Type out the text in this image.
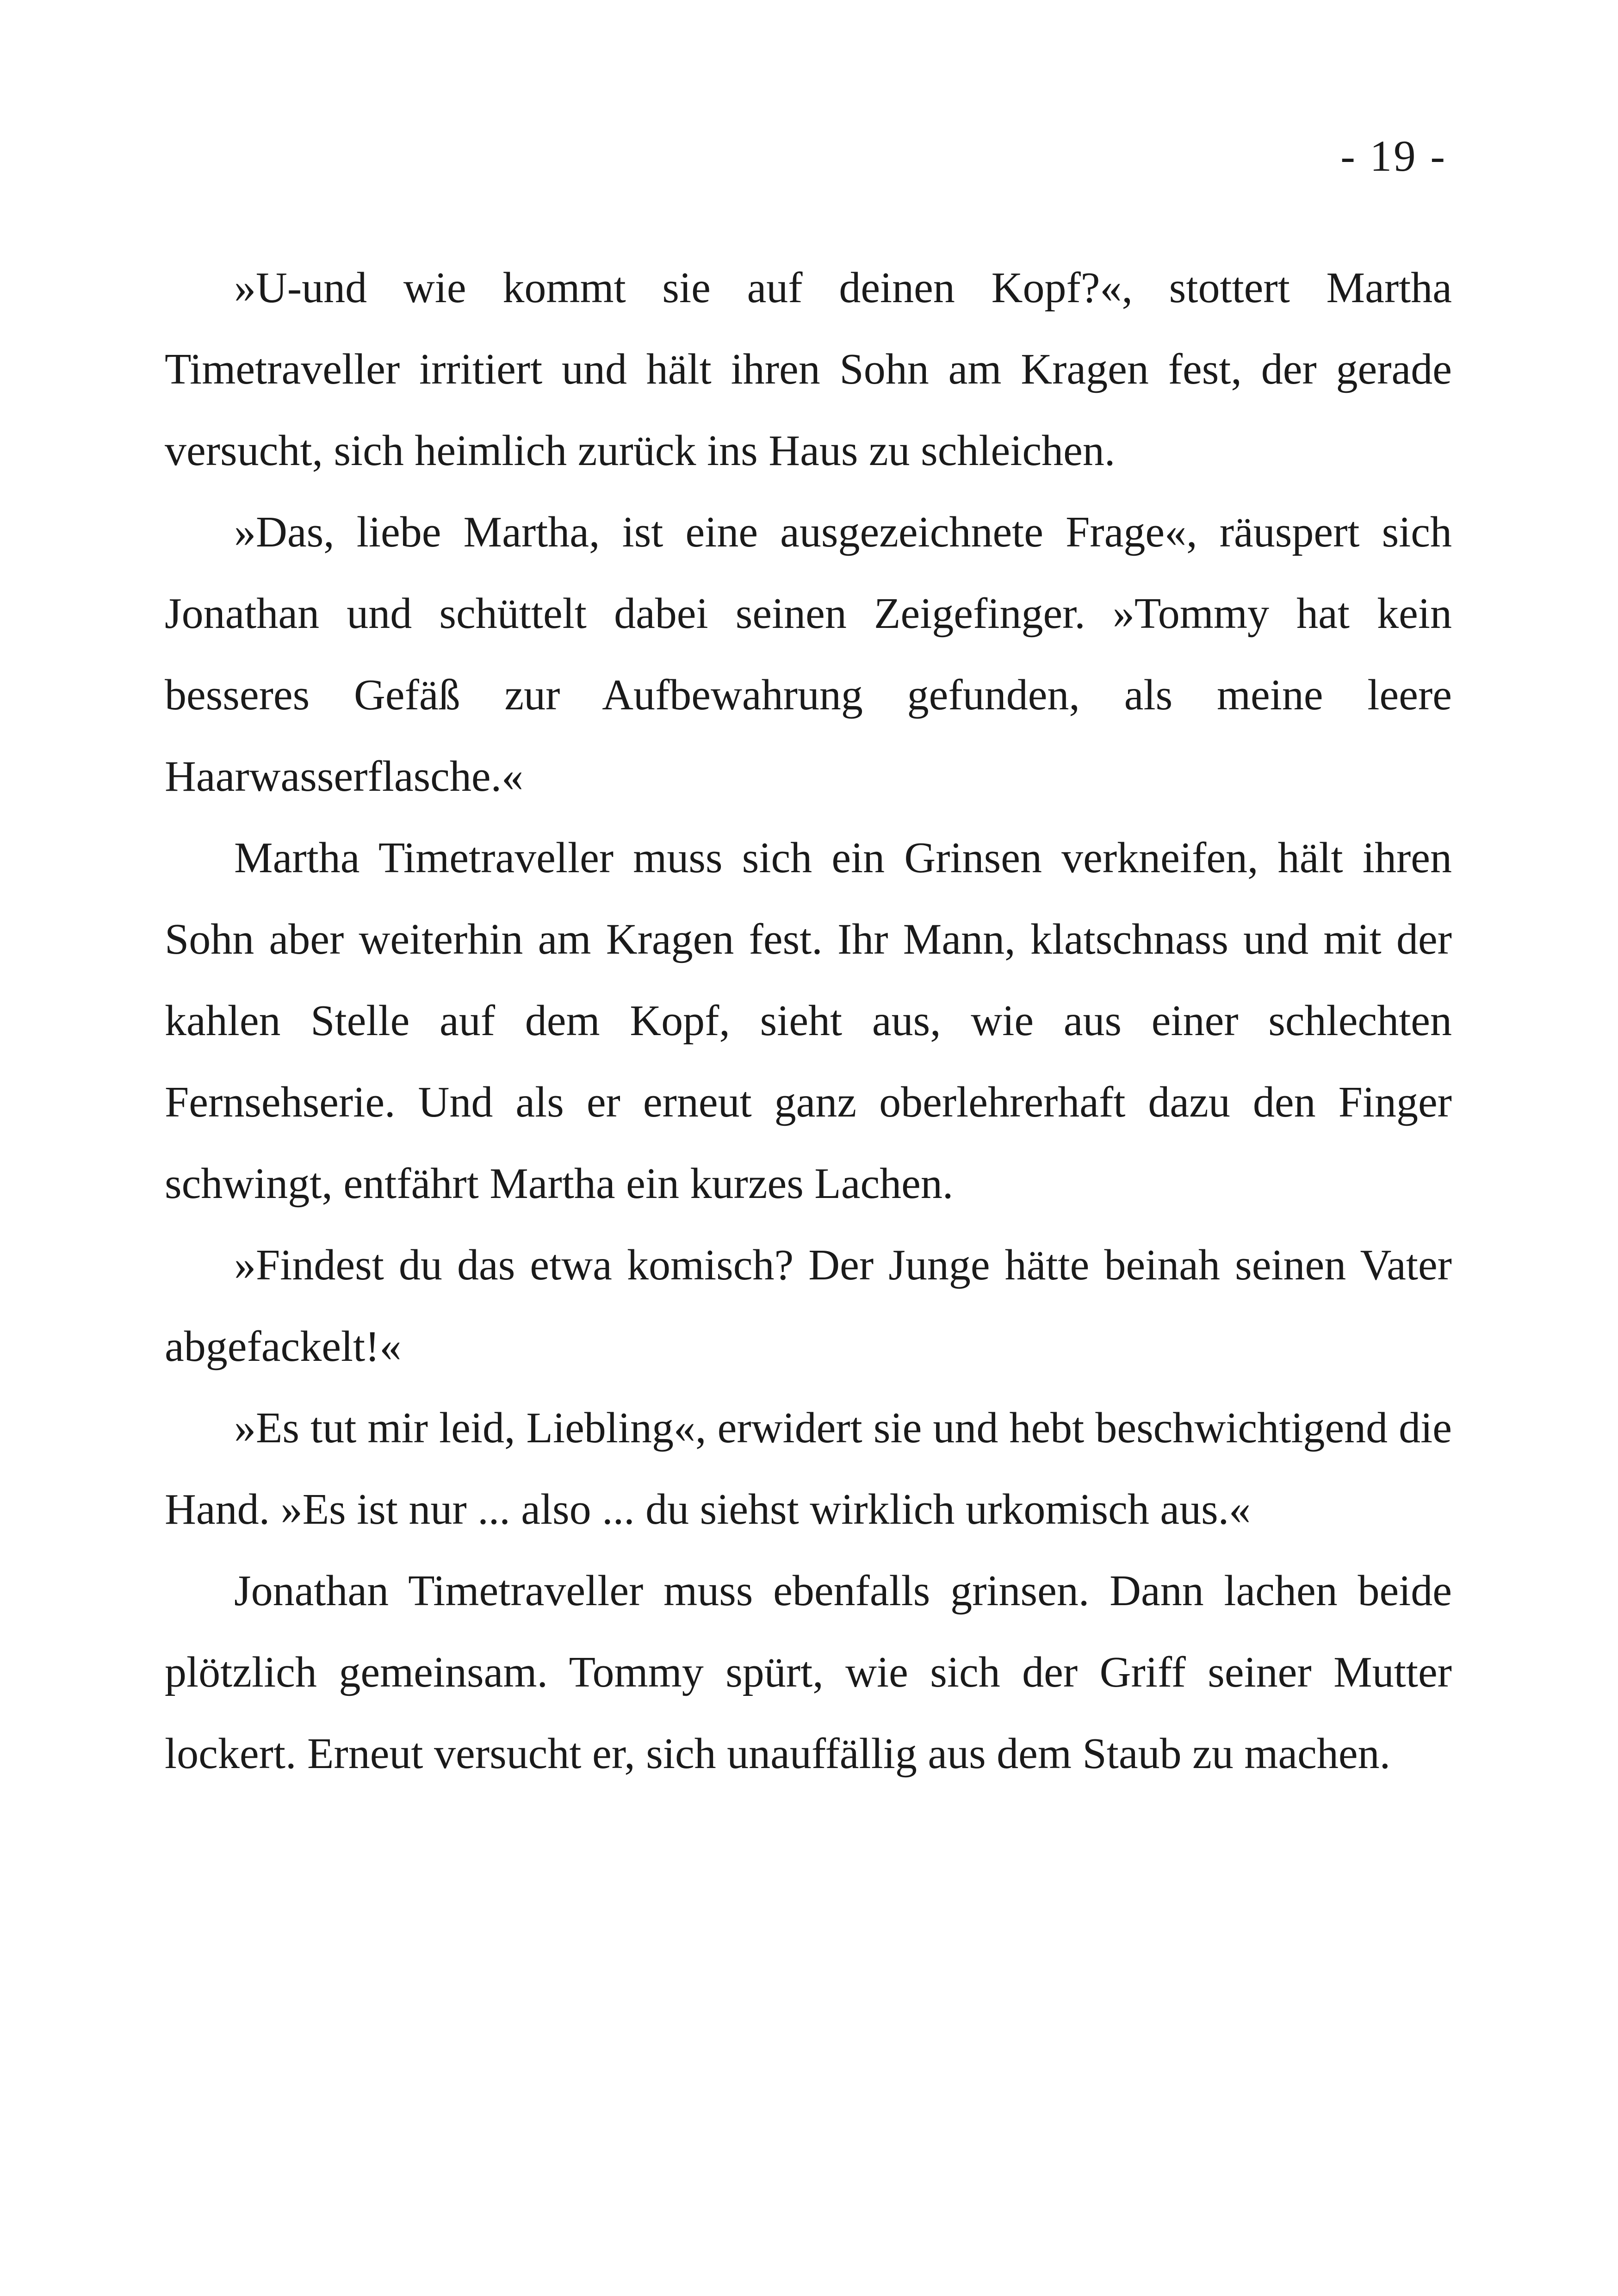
- 19 -

»U-und wie kommt sie auf deinen Kopf?«, stottert Martha Timetraveller irritiert und hält ihren Sohn am Kragen fest, der gerade versucht, sich heimlich zurück ins Haus zu schleichen.

»Das, liebe Martha, ist eine ausgezeichnete Frage«, räuspert sich Jonathan und schüttelt dabei seinen Zeigefinger. »Tommy hat kein besseres Gefäß zur Aufbewahrung gefunden, als meine leere Haarwasserflasche.«

Martha Timetraveller muss sich ein Grinsen verkneifen, hält ihren Sohn aber weiterhin am Kragen fest. Ihr Mann, klatschnass und mit der kahlen Stelle auf dem Kopf, sieht aus, wie aus einer schlechten Fernsehserie. Und als er erneut ganz oberlehrerhaft dazu den Finger schwingt, entfährt Martha ein kurzes Lachen.

»Findest du das etwa komisch? Der Junge hätte beinah seinen Vater abgefackelt!«

»Es tut mir leid, Liebling«, erwidert sie und hebt beschwichtigend die Hand. »Es ist nur ... also ... du siehst wirklich urkomisch aus.«

Jonathan Timetraveller muss ebenfalls grinsen. Dann lachen beide plötzlich gemeinsam. Tommy spürt, wie sich der Griff seiner Mutter lockert. Erneut versucht er, sich unauffällig aus dem Staub zu machen.
